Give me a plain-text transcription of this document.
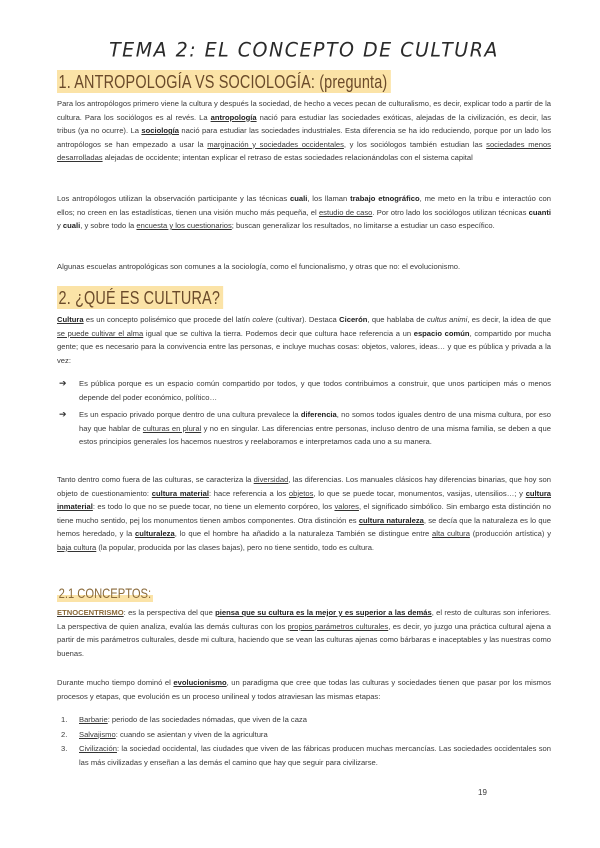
TEMA 2: EL CONCEPTO DE CULTURA
1. ANTROPOLOGÍA VS SOCIOLOGÍA: (pregunta)
Para los antropólogos primero viene la cultura y después la sociedad, de hecho a veces pecan de culturalismo, es decir, explicar todo a partir de la cultura. Para los sociólogos es al revés. La antropología nació para estudiar las sociedades exóticas, alejadas de la civilización, es decir, las tribus (ya no ocurre). La sociología nació para estudiar las sociedades industriales. Esta diferencia se ha ido reduciendo, porque por un lado los antropólogos se han empezado a usar la marginación y sociedades occidentales, y los sociólogos también estudian las sociedades menos desarrolladas alejadas de occidente; intentan explicar el retraso de estas sociedades relacionándolas con el sistema capital
Los antropólogos utilizan la observación participante y las técnicas cuali, los llaman trabajo etnográfico, me meto en la tribu e interactúo con ellos; no creen en las estadísticas, tienen una visión mucho más pequeña, el estudio de caso. Por otro lado los sociólogos utilizan técnicas cuanti y cuali, y sobre todo la encuesta y los cuestionarios; buscan generalizar los resultados, no limitarse a estudiar un caso específico.
Algunas escuelas antropológicas son comunes a la sociología, como el funcionalismo, y otras que no: el evolucionismo.
2. ¿QUÉ ES CULTURA?
Cultura es un concepto polisémico que procede del latín colere (cultivar). Destaca Cicerón, que hablaba de cultus animi, es decir, la idea de que se puede cultivar el alma igual que se cultiva la tierra. Podemos decir que cultura hace referencia a un espacio común, compartido por mucha gente; que es necesario para la convivencia entre las personas, e incluye muchas cosas: objetos, valores, ideas… y que es pública y privada a la vez:
➔ Es pública porque es un espacio común compartido por todos, y que todos contribuimos a construir, que unos participen más o menos depende del poder económico, político…
➔ Es un espacio privado porque dentro de una cultura prevalece la diferencia, no somos todos iguales dentro de una misma cultura, por eso hay que hablar de culturas en plural y no en singular. Las diferencias entre personas, incluso dentro de una misma familia, se deben a que estos principios generales los hacemos nuestros y reelaboramos e interpretamos cada uno a su manera.
Tanto dentro como fuera de las culturas, se caracteriza la diversidad, las diferencias. Los manuales clásicos hay diferencias binarias, que hoy son objeto de cuestionamiento: cultura material: hace referencia a los objetos, lo que se puede tocar, monumentos, vasijas, utensilios…; y cultura inmaterial: es todo lo que no se puede tocar, no tiene un elemento corpóreo, los valores, el significado simbólico. Sin embargo esta distinción no tiene mucho sentido, pej los monumentos tienen ambos componentes. Otra distinción es cultura naturaleza, se decía que la naturaleza es lo que hemos heredado, y la culturaleza, lo que el hombre ha añadido a la naturaleza También se distingue entre alta cultura (producción artística) y baja cultura (la popular, producida por las clases bajas), pero no tiene sentido, todo es cultura.
2.1 CONCEPTOS:
ETNOCENTRISMO: es la perspectiva del que piensa que su cultura es la mejor y es superior a las demás, el resto de culturas son inferiores. La perspectiva de quien analiza, evalúa las demás culturas con los propios parámetros culturales, es decir, yo juzgo una práctica cultural ajena a partir de mis parámetros culturales, desde mi cultura, haciendo que se vean las culturas ajenas como bárbaras e inaceptables y las nuestras como buenas.
Durante mucho tiempo dominó el evolucionismo, un paradigma que cree que todas las culturas y sociedades tienen que pasar por los mismos procesos y etapas, que evolución es un proceso unilineal y todos atraviesan las mismas etapas:
1. Barbarie: periodo de las sociedades nómadas, que viven de la caza
2. Salvajismo: cuando se asientan y viven de la agricultura
3. Civilización: la sociedad occidental, las ciudades que viven de las fábricas producen muchas mercancías. Las sociedades occidentales son las más civilizadas y enseñan a las demás el camino que hay que seguir para civilizarse.
19
